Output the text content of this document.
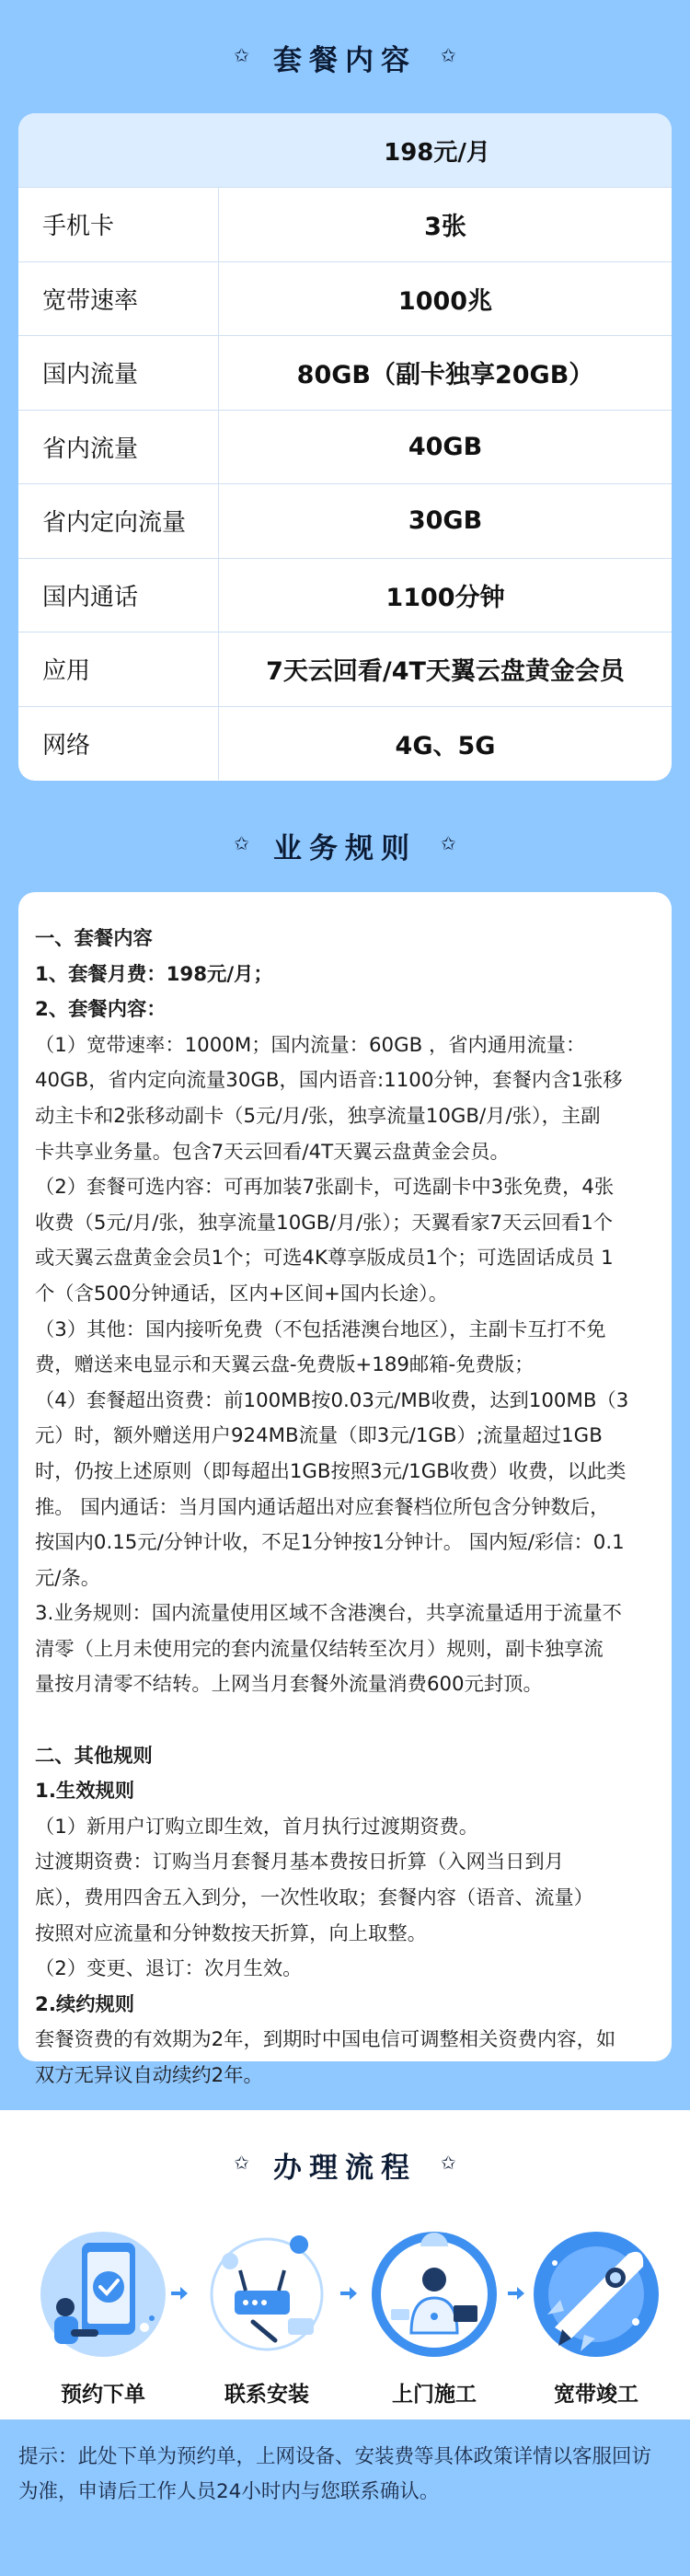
✩ 套餐内容 ✩
198元/月
手机卡	3张
宽带速率	1000兆
国内流量	80GB（副卡独享20GB）
省内流量	40GB
省内定向流量	30GB
国内通话	1100分钟
应用	7天云回看/4T天翼云盘黄金会员
网络	4G、5G
✩ 业务规则 ✩
一、套餐内容
1、套餐月费：198元/月；
2、套餐内容：
（1）宽带速率：1000M；国内流量：60GB ，省内通用流量：
40GB，省内定向流量30GB，国内语音:1100分钟，套餐内含1张移
动主卡和2张移动副卡（5元/月/张，独享流量10GB/月/张），主副
卡共享业务量。包含7天云回看/4T天翼云盘黄金会员。
（2）套餐可选内容：可再加装7张副卡，可选副卡中3张免费，4张
收费（5元/月/张，独享流量10GB/月/张）；天翼看家7天云回看1个
或天翼云盘黄金会员1个；可选4K尊享版成员1个；可选固话成员 1
个（含500分钟通话，区内+区间+国内长途）。
（3）其他：国内接听免费（不包括港澳台地区），主副卡互打不免
费，赠送来电显示和天翼云盘-免费版+189邮箱-免费版；
（4）套餐超出资费：前100MB按0.03元/MB收费，达到100MB（3
元）时，额外赠送用户924MB流量（即3元/1GB）;流量超过1GB
时，仍按上述原则（即每超出1GB按照3元/1GB收费）收费，以此类
推。 国内通话：当月国内通话超出对应套餐档位所包含分钟数后，
按国内0.15元/分钟计收，不足1分钟按1分钟计。 国内短/彩信：0.1
元/条。
3.业务规则：国内流量使用区域不含港澳台，共享流量适用于流量不
清零（上月未使用完的套内流量仅结转至次月）规则，副卡独享流
量按月清零不结转。上网当月套餐外流量消费600元封顶。
二、其他规则
1.生效规则
（1）新用户订购立即生效，首月执行过渡期资费。
过渡期资费：订购当月套餐月基本费按日折算（入网当日到月
底），费用四舍五入到分，一次性收取；套餐内容（语音、流量）
按照对应流量和分钟数按天折算，向上取整。
（2）变更、退订：次月生效。
2.续约规则
套餐资费的有效期为2年，到期时中国电信可调整相关资费内容，如
双方无异议自动续约2年。
✩ 办理流程 ✩
预约下单	联系安装	上门施工	宽带竣工
提示：此处下单为预约单，上网设备、安装费等具体政策详情以客服回访
为准，申请后工作人员24小时内与您联系确认。
